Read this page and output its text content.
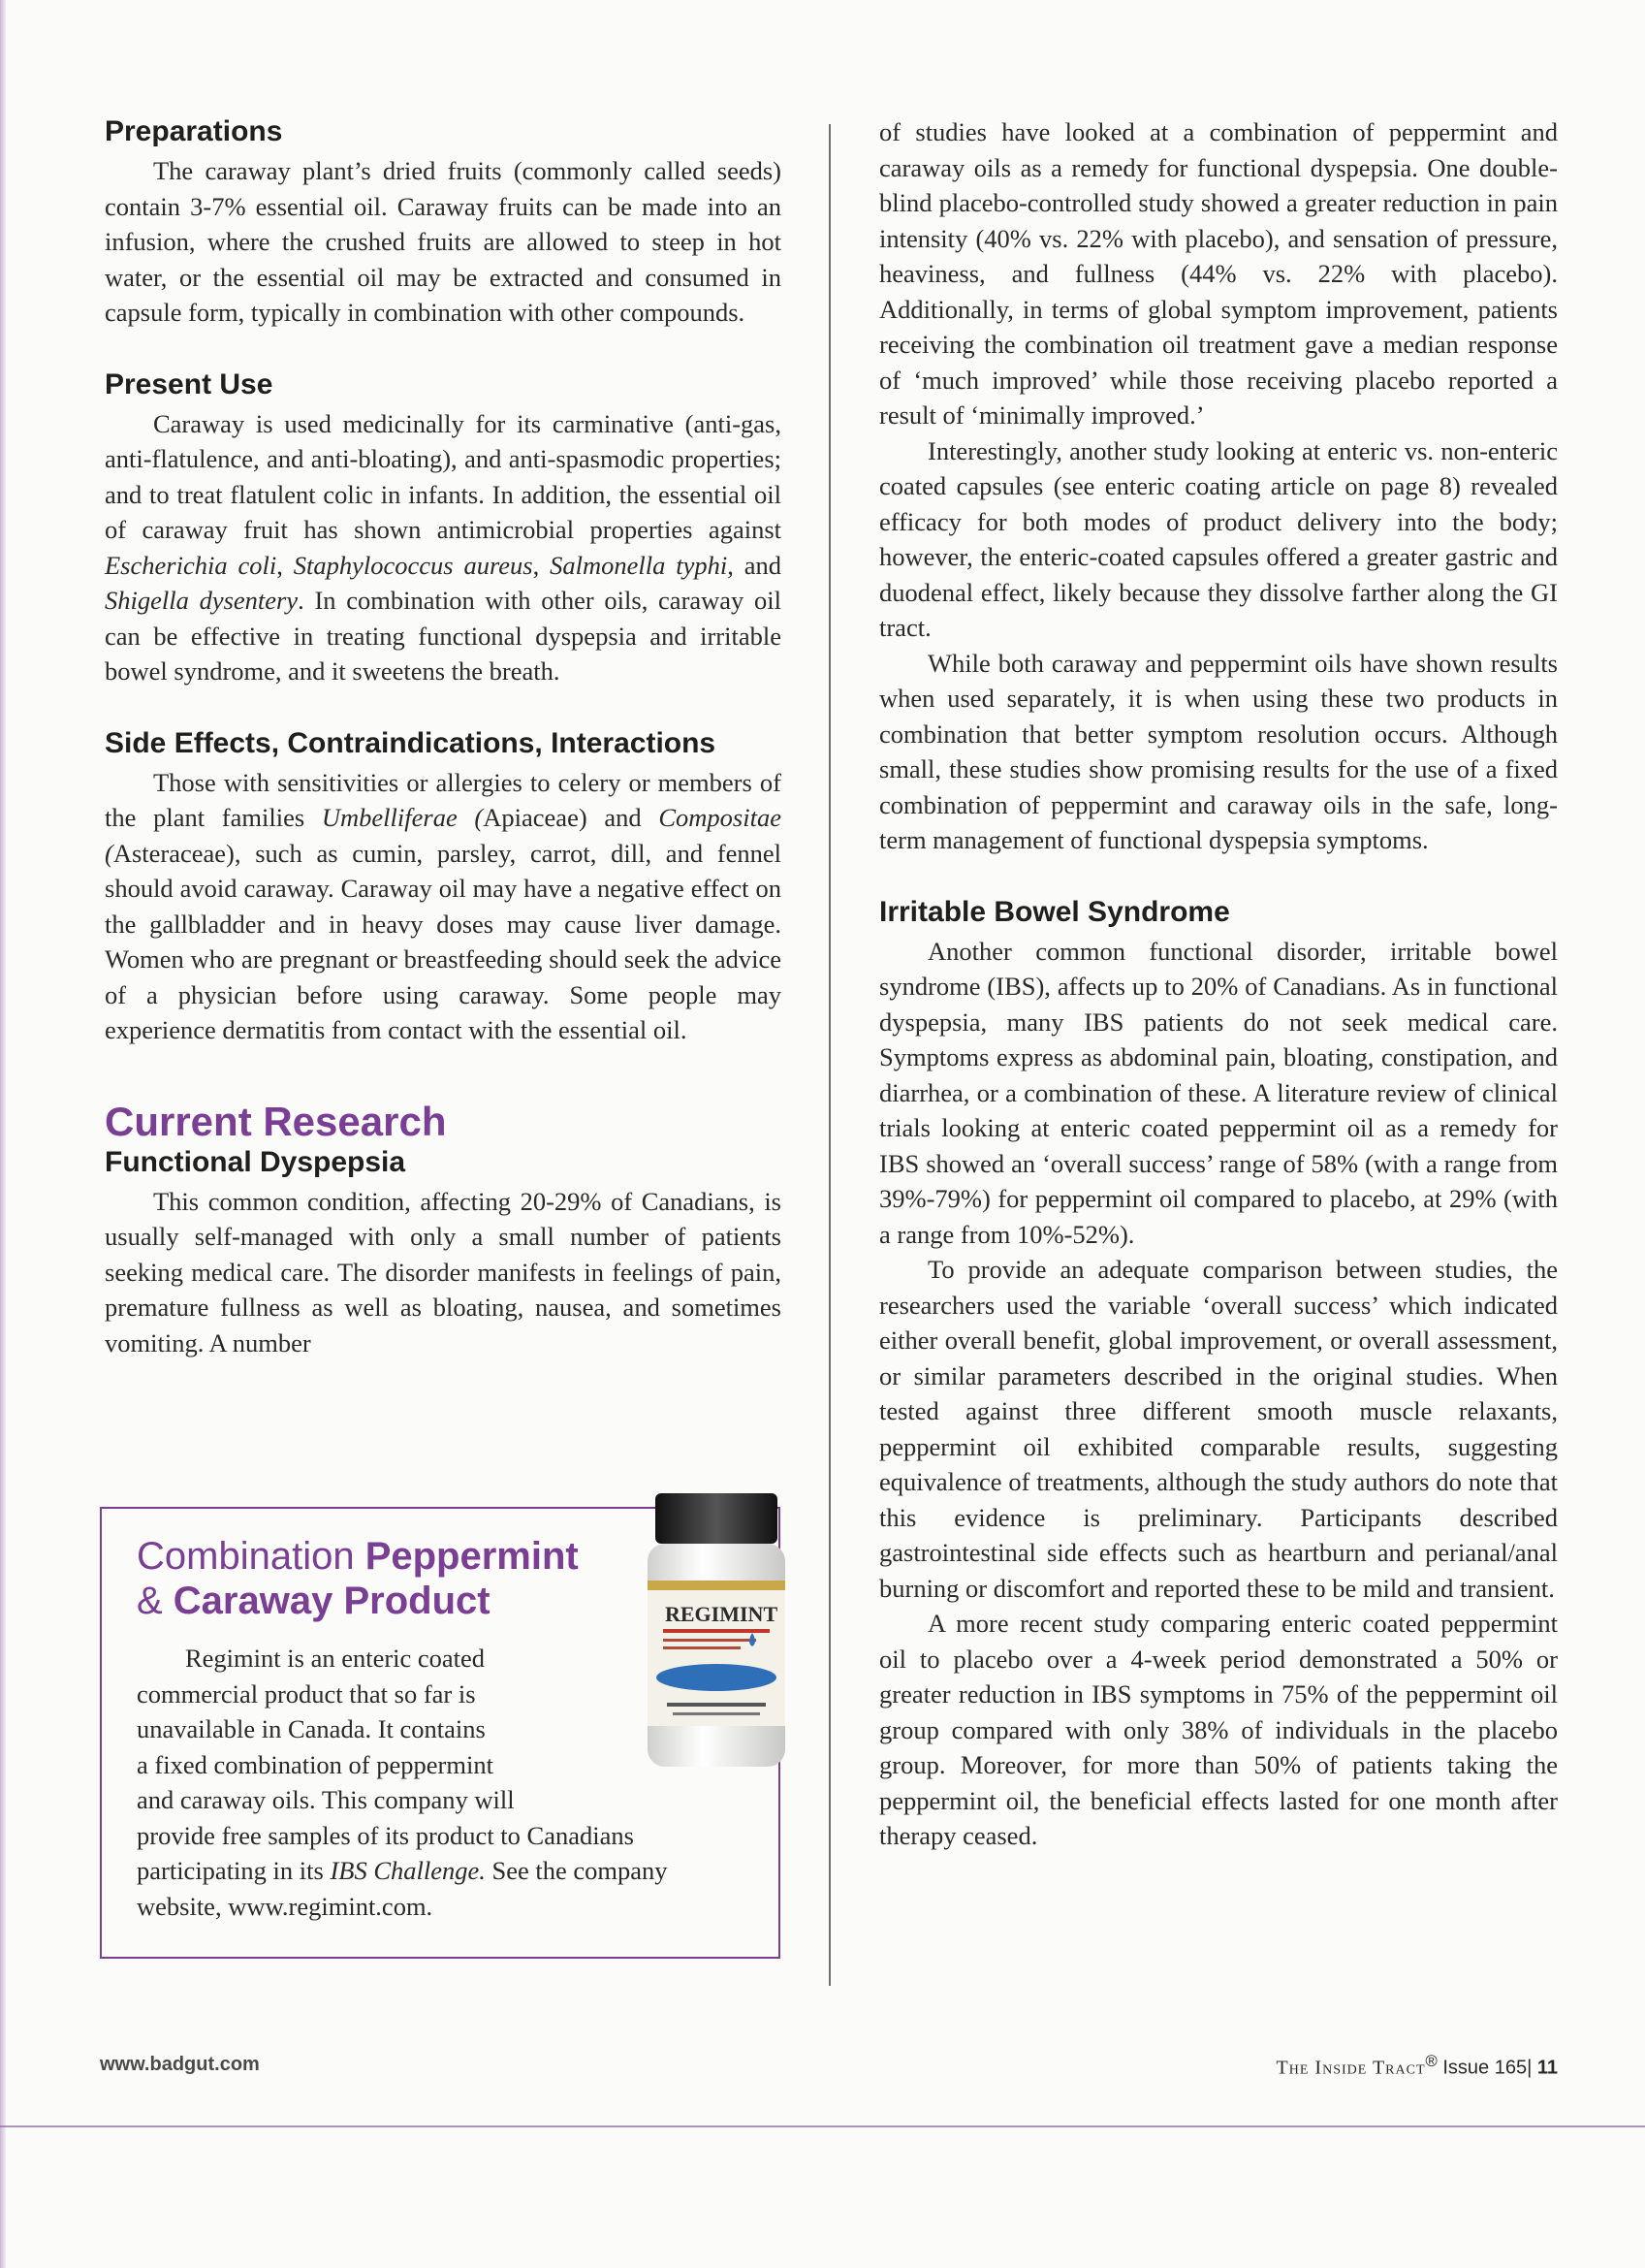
Preparations

The caraway plant’s dried fruits (commonly called seeds) contain 3-7% essential oil. Caraway fruits can be made into an infusion, where the crushed fruits are allowed to steep in hot water, or the essential oil may be extracted and consumed in capsule form, typically in combination with other compounds.

Present Use

Caraway is used medicinally for its carminative (anti-gas, anti-flatulence, and anti-bloating), and anti-spasmodic properties; and to treat flatulent colic in infants. In addition, the essential oil of caraway fruit has shown antimicrobial properties against Escherichia coli, Staphylococcus aureus, Salmonella typhi, and Shigella dysentery. In combination with other oils, caraway oil can be effective in treating functional dyspepsia and irritable bowel syndrome, and it sweetens the breath.

Side Effects, Contraindications, Interactions

Those with sensitivities or allergies to celery or members of the plant families Umbelliferae (Apiaceae) and Compositae (Asteraceae), such as cumin, parsley, carrot, dill, and fennel should avoid caraway. Caraway oil may have a negative effect on the gallbladder and in heavy doses may cause liver damage. Women who are pregnant or breastfeeding should seek the advice of a physician before using caraway. Some people may experience dermatitis from contact with the essential oil.

Current Research
Functional Dyspepsia

This common condition, affecting 20-29% of Canadians, is usually self-managed with only a small number of patients seeking medical care. The disorder manifests in feelings of pain, premature fullness as well as bloating, nausea, and sometimes vomiting. A number

Combination Peppermint
& Caraway Product
Regimint is an enteric coated
commercial product that so far is
unavailable in Canada. It contains
a fixed combination of peppermint
and caraway oils. This company will
provide free samples of its product to Canadians
participating in its IBS Challenge. See the company
website, www.regimint.com.
REGIMINT

of studies have looked at a combination of peppermint and caraway oils as a remedy for functional dyspepsia. One double-blind placebo-controlled study showed a greater reduction in pain intensity (40% vs. 22% with placebo), and sensation of pressure, heaviness, and fullness (44% vs. 22% with placebo). Additionally, in terms of global symptom improvement, patients receiving the combination oil treatment gave a median response of ‘much improved’ while those receiving placebo reported a result of ‘minimally improved.’

Interestingly, another study looking at enteric vs. non-enteric coated capsules (see enteric coating article on page 8) revealed efficacy for both modes of product delivery into the body; however, the enteric-coated capsules offered a greater gastric and duodenal effect, likely because they dissolve farther along the GI tract.

While both caraway and peppermint oils have shown results when used separately, it is when using these two products in combination that better symptom resolution occurs. Although small, these studies show promising results for the use of a fixed combination of peppermint and caraway oils in the safe, long-term management of functional dyspepsia symptoms.

Irritable Bowel Syndrome

Another common functional disorder, irritable bowel syndrome (IBS), affects up to 20% of Canadians. As in functional dyspepsia, many IBS patients do not seek medical care. Symptoms express as abdominal pain, bloating, constipation, and diarrhea, or a combination of these. A literature review of clinical trials looking at enteric coated peppermint oil as a remedy for IBS showed an ‘overall success’ range of 58% (with a range from 39%-79%) for peppermint oil compared to placebo, at 29% (with a range from 10%-52%).

To provide an adequate comparison between studies, the researchers used the variable ‘overall success’ which indicated either overall benefit, global improvement, or overall assessment, or similar parameters described in the original studies. When tested against three different smooth muscle relaxants, peppermint oil exhibited comparable results, suggesting equivalence of treatments, although the study authors do note that this evidence is preliminary. Participants described gastrointestinal side effects such as heartburn and perianal/anal burning or discomfort and reported these to be mild and transient.

A more recent study comparing enteric coated peppermint oil to placebo over a 4-week period demonstrated a 50% or greater reduction in IBS symptoms in 75% of the peppermint oil group compared with only 38% of individuals in the placebo group. Moreover, for more than 50% of patients taking the peppermint oil, the beneficial effects lasted for one month after therapy ceased.

www.badgut.com	The Inside Tract® Issue 165| 11
